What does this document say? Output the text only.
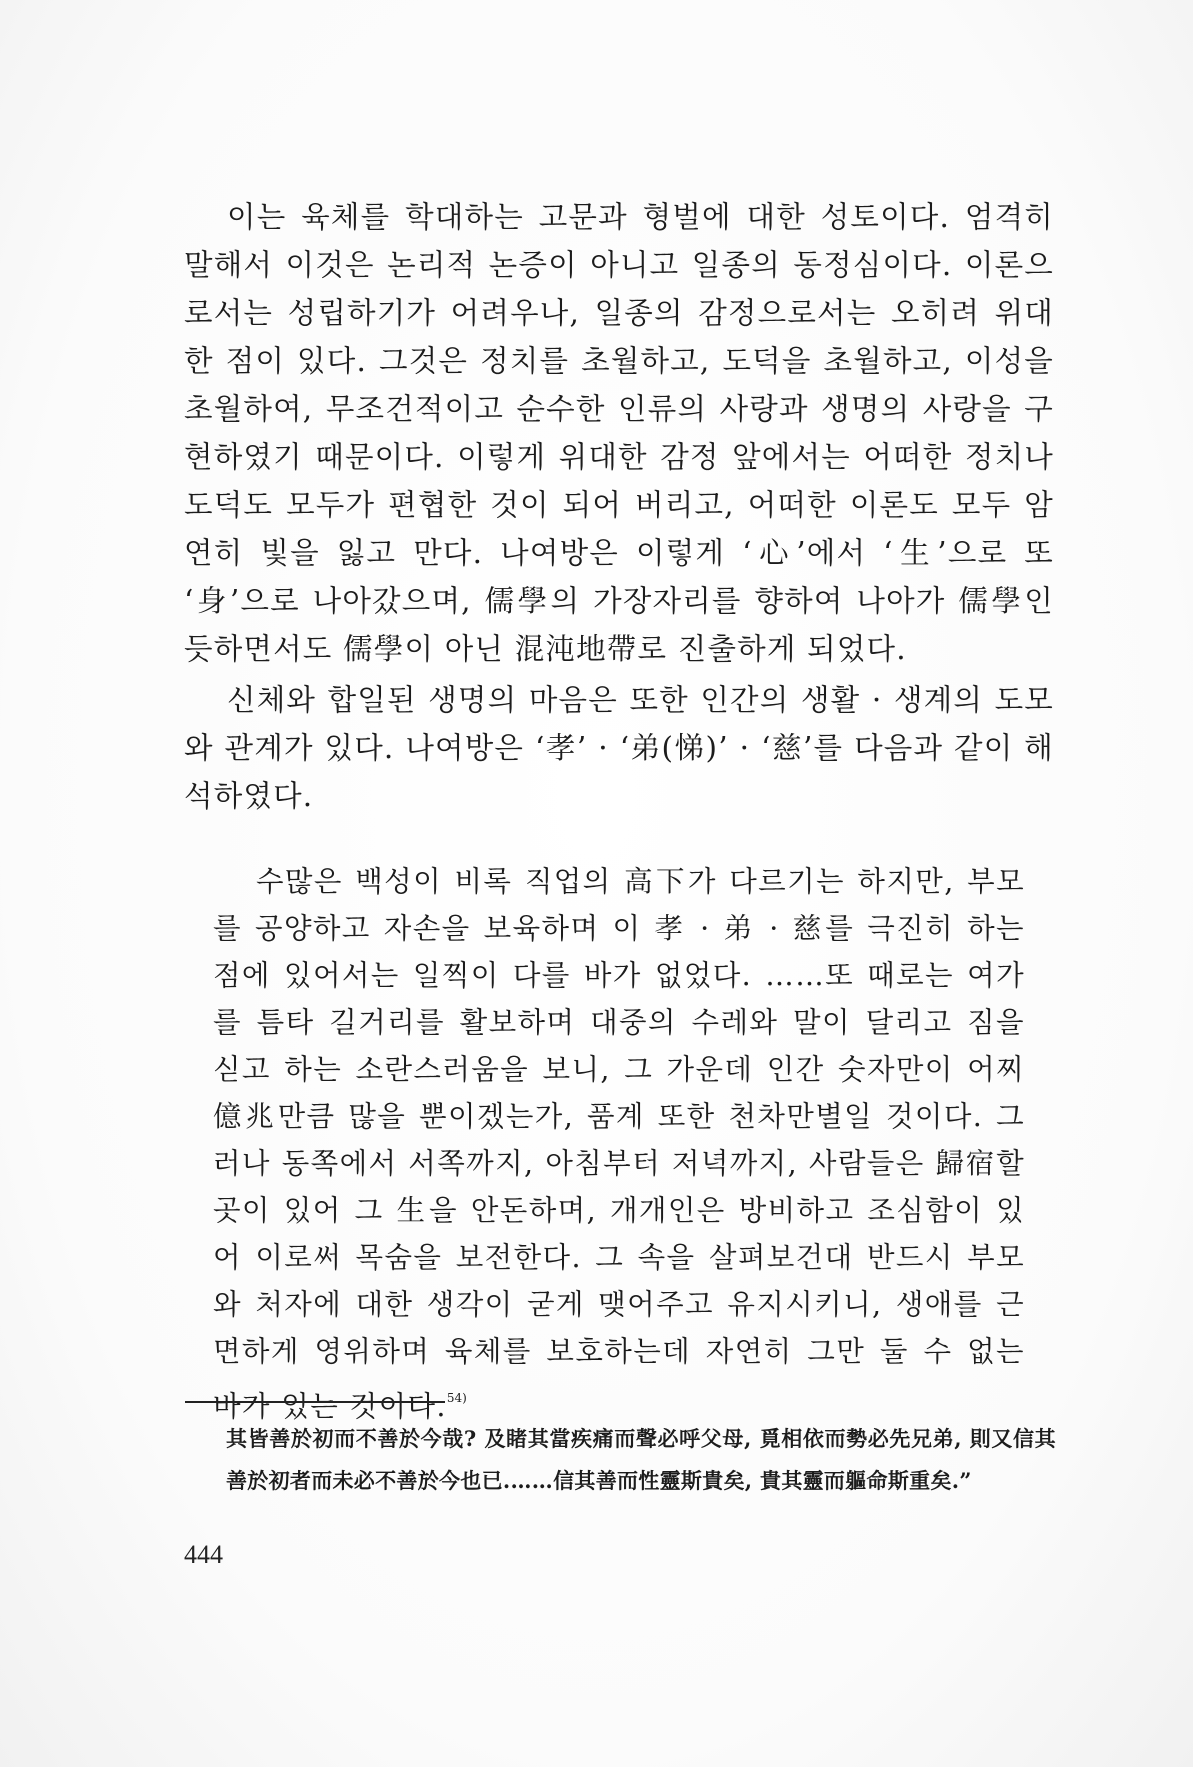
이는 육체를 학대하는 고문과 형벌에 대한 성토이다. 엄격히 말해서 이것은 논리적 논증이 아니고 일종의 동정심이다. 이론으로서는 성립하기가 어려우나, 일종의 감정으로서는 오히려 위대한 점이 있다. 그것은 정치를 초월하고, 도덕을 초월하고, 이성을 초월하여, 무조건적이고 순수한 인류의 사랑과 생명의 사랑을 구현하였기 때문이다. 이렇게 위대한 감정 앞에서는 어떠한 정치나 도덕도 모두가 편협한 것이 되어 버리고, 어떠한 이론도 모두 암연히 빛을 잃고 만다. 나여방은 이렇게 ‘心’에서 ‘生’으로 또 ‘身’으로 나아갔으며, 儒學의 가장자리를 향하여 나아가 儒學인 듯하면서도 儒學이 아닌 混沌地帶로 진출하게 되었다.

신체와 합일된 생명의 마음은 또한 인간의 생활 · 생계의 도모와 관계가 있다. 나여방은 ‘孝’ · ‘弟(悌)’ · ‘慈’를 다음과 같이 해석하였다.

수많은 백성이 비록 직업의 高下가 다르기는 하지만, 부모를 공양하고 자손을 보육하며 이 孝 · 弟 · 慈를 극진히 하는 점에 있어서는 일찍이 다를 바가 없었다. ……또 때로는 여가를 틈타 길거리를 활보하며 대중의 수레와 말이 달리고 짐을 싣고 하는 소란스러움을 보니, 그 가운데 인간 숫자만이 어찌 億兆만큼 많을 뿐이겠는가, 품계 또한 천차만별일 것이다. 그러나 동쪽에서 서쪽까지, 아침부터 저녁까지, 사람들은 歸宿할 곳이 있어 그 生을 안돈하며, 개개인은 방비하고 조심함이 있어 이로써 목숨을 보전한다. 그 속을 살펴보건대 반드시 부모와 처자에 대한 생각이 굳게 맺어주고 유지시키니, 생애를 근면하게 영위하며 육체를 보호하는데 자연히 그만 둘 수 없는 바가 있는 것이다.$^{54)}$

其皆善於初而不善於今哉? 及睹其當疾痛而聲必呼父母, 覓相依而勢必先兄弟, 則又信其善於初者而未必不善於今也已.……信其善而性靈斯貴矣, 貴其靈而軀命斯重矣.”
444
